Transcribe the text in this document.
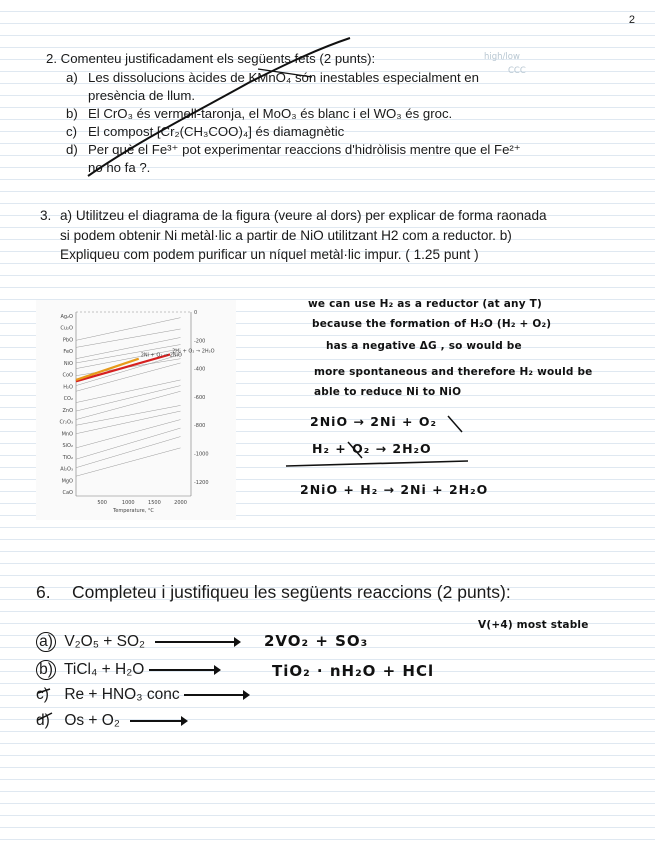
2
2. Comenteu justificadament els següents fets (2 punts):
a) Les dissolucions àcides de KMnO₄ són inestables especialment en presència de llum.
b) El CrO₃ és vermell-taronja, el MoO₃ és blanc i el WO₃ és groc.
c) El compost [Cr₂(CH₃COO)₄] és diamagnètic
d) Per què el Fe³⁺ pot experimentar reaccions d'hidròlisis mentre que el Fe²⁺ no ho fa ?.
high/low
CCC
3. a) Utilitzeu el diagrama de la figura (veure al dors) per explicar de forma raonada si podem obtenir Ni metàl·lic a partir de NiO utilitzant H2 com a reductor. b) Expliqueu com podem purificar un níquel metàl·lic impur. ( 1.25 punt )
500	1000	1500	2000
0
-200
-400
-600
-800
-1000
-1200
Temperature, °C
Ag₂O
Cu₂O
PbO
FeO
NiO
CoO
H₂O
CO₂
ZnO
Cr₂O₃
MnO
SiO₂
TiO₂
Al₂O₃
MgO
CaO
2H₂ + O₂ → 2H₂O
2Ni + O₂ → 2NiO
we can use H₂ as a reductor (at any T)
because the formation of H₂O (H₂ + O₂)
has a negative ΔG , so would be
more spontaneous and therefore H₂ would be
able to reduce Ni to NiO
2NiO → 2Ni + O₂
H₂ + O₂ → 2H₂O
2NiO + H₂ → 2Ni + 2H₂O
6. Completeu i justifiqueu les següents reaccions (2 punts):
V(+4) most stable
a) V₂O₅ + SO₂	2VO₂ + SO₃
b) TiCl₄ + H₂O	TiO₂ · nH₂O + HCl
c) Re + HNO₃ conc
d) Os + O₂
